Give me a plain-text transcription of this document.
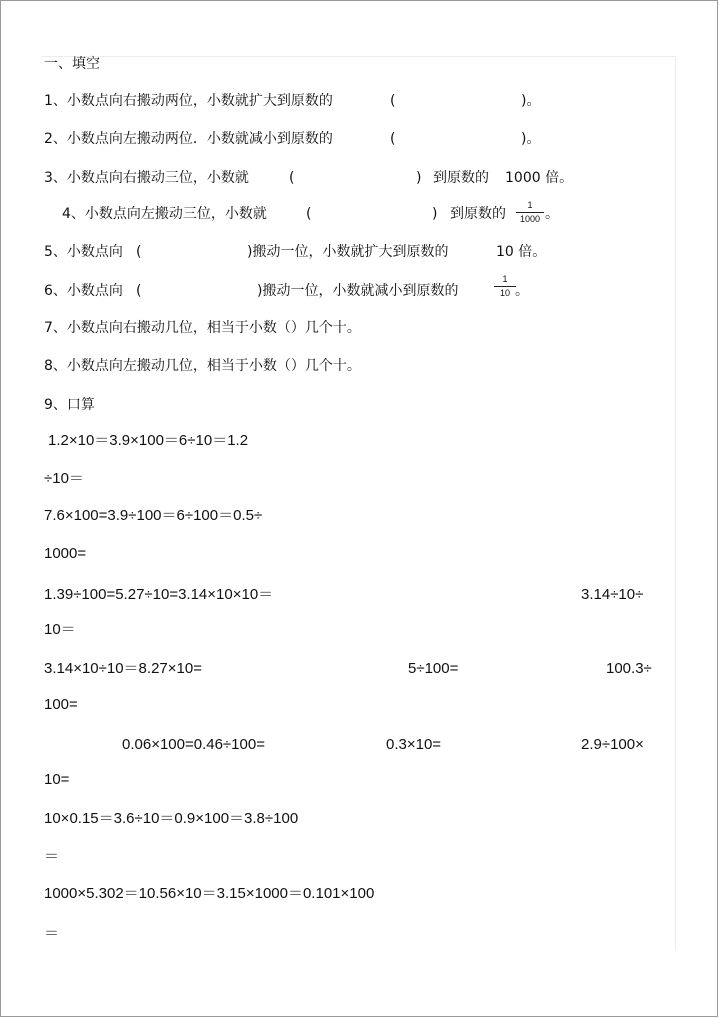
一、填空
1、小数点向右搬动两位，小数就扩大到原数的	(	)。
2、小数点向左搬动两位．小数就减小到原数的	(	)。
3、小数点向右搬动三位，小数就	(	) 到原数的 1000 倍。
4、小数点向左搬动三位，小数就	(	) 到原数的
1
1000 。
5、小数点向 (	)搬动一位，小数就扩大到原数的	10 倍。
6、小数点向 (	)搬动一位，小数就减小到原数的
1
10 。
7、小数点向右搬动几位，相当于小数（）几个十。
8、小数点向左搬动几位，相当于小数（）几个十。
9、口算
1.2×10＝3.9×100＝6÷10＝1.2
÷10＝
7.6×100=3.9÷100＝6÷100＝0.5÷
1000=
1.39÷100=5.27÷10=3.14×10×10＝	3.14÷10÷
10＝
3.14×10÷10＝8.27×10=	5÷100=	100.3÷
100=
0.06×100=0.46÷100=	0.3×10=	2.9÷100×
10=
10×0.15＝3.6÷10＝0.9×100＝3.8÷100
＝
1000×5.302＝10.56×10＝3.15×1000＝0.101×100
＝
